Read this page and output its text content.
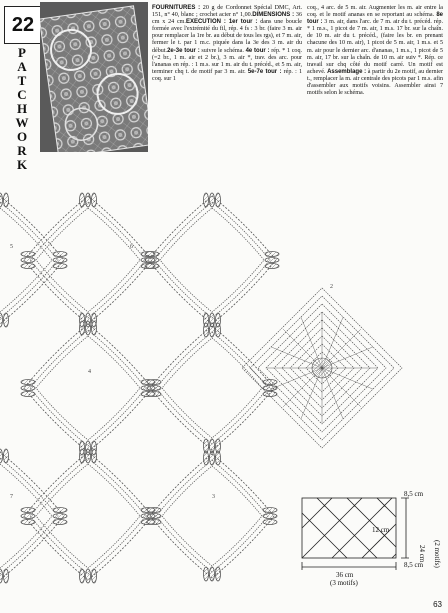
22
P
A
T
C
H
W
O
R
K

FOURNITURES : 20 g de Cordonnet Spécial DMC, Art. 151, n° 40, blanc ; crochet acier n° 1,00.DIMENSIONS : 36 cm x 24 cm.EXECUTION : 1er tour : dans une boucle formée avec l'extrémité du fil, rép. 4 fs : 3 br. (faire 3 m. air pour remplacer la 1re br. au début de tous les rgs), et 7 m. air, fermer le t. par 1 m.c. piquée dans la 3e des 3 m. air du début.2e-3e tour : suivre le schéma. 4e tour : rép. * 1 coq. (=2 br., 1 m. air et 2 br.), 3 m. air *, trav. des arc. pour l'ananas en rép. : 1 m.s. sur 1 m. air du t. précéd., et 5 m. air, terminer chq t. de motif par 3 m. air. 5e-7e tour : rép. : 1 coq. sur 1

coq., 4 arc. de 5 m. air. Augmenter les m. air entre la coq. et le motif ananas en se reportant au schéma. 8e tour : 3 m. air, dans l'arc. de 7 m. air du t. précéd. rép. * 1 m.s., 1 picot de 7 m. air, 1 m.s. 17 br. sur la chaîn. de 10 m. air du t. précéd., (faire les br. en prenant chacune des 10 m. air), 1 picot de 5 m. air, 1 m.s. et 5 m. air pour le dernier arc. d'ananas, 1 m.s., 1 picot de 5 m. air, 17 br. sur la chaîn. de 10 m. air suiv *. Rép. ce travail sur chq côté du motif carré. Un motif est achevé. Assemblage : à partir du 2e motif, au dernier t., remplacer la m. air centrale des picots par 1 m.s. afin d'assembler aux motifs voisins. Assembler ainsi 7 motifs selon le schéma.

5
1
6
4
3
2
7	8,5 cm
12 cm
8,5 cm
36 cm
(3 motifs)
24 cm (2 motifs)
63
